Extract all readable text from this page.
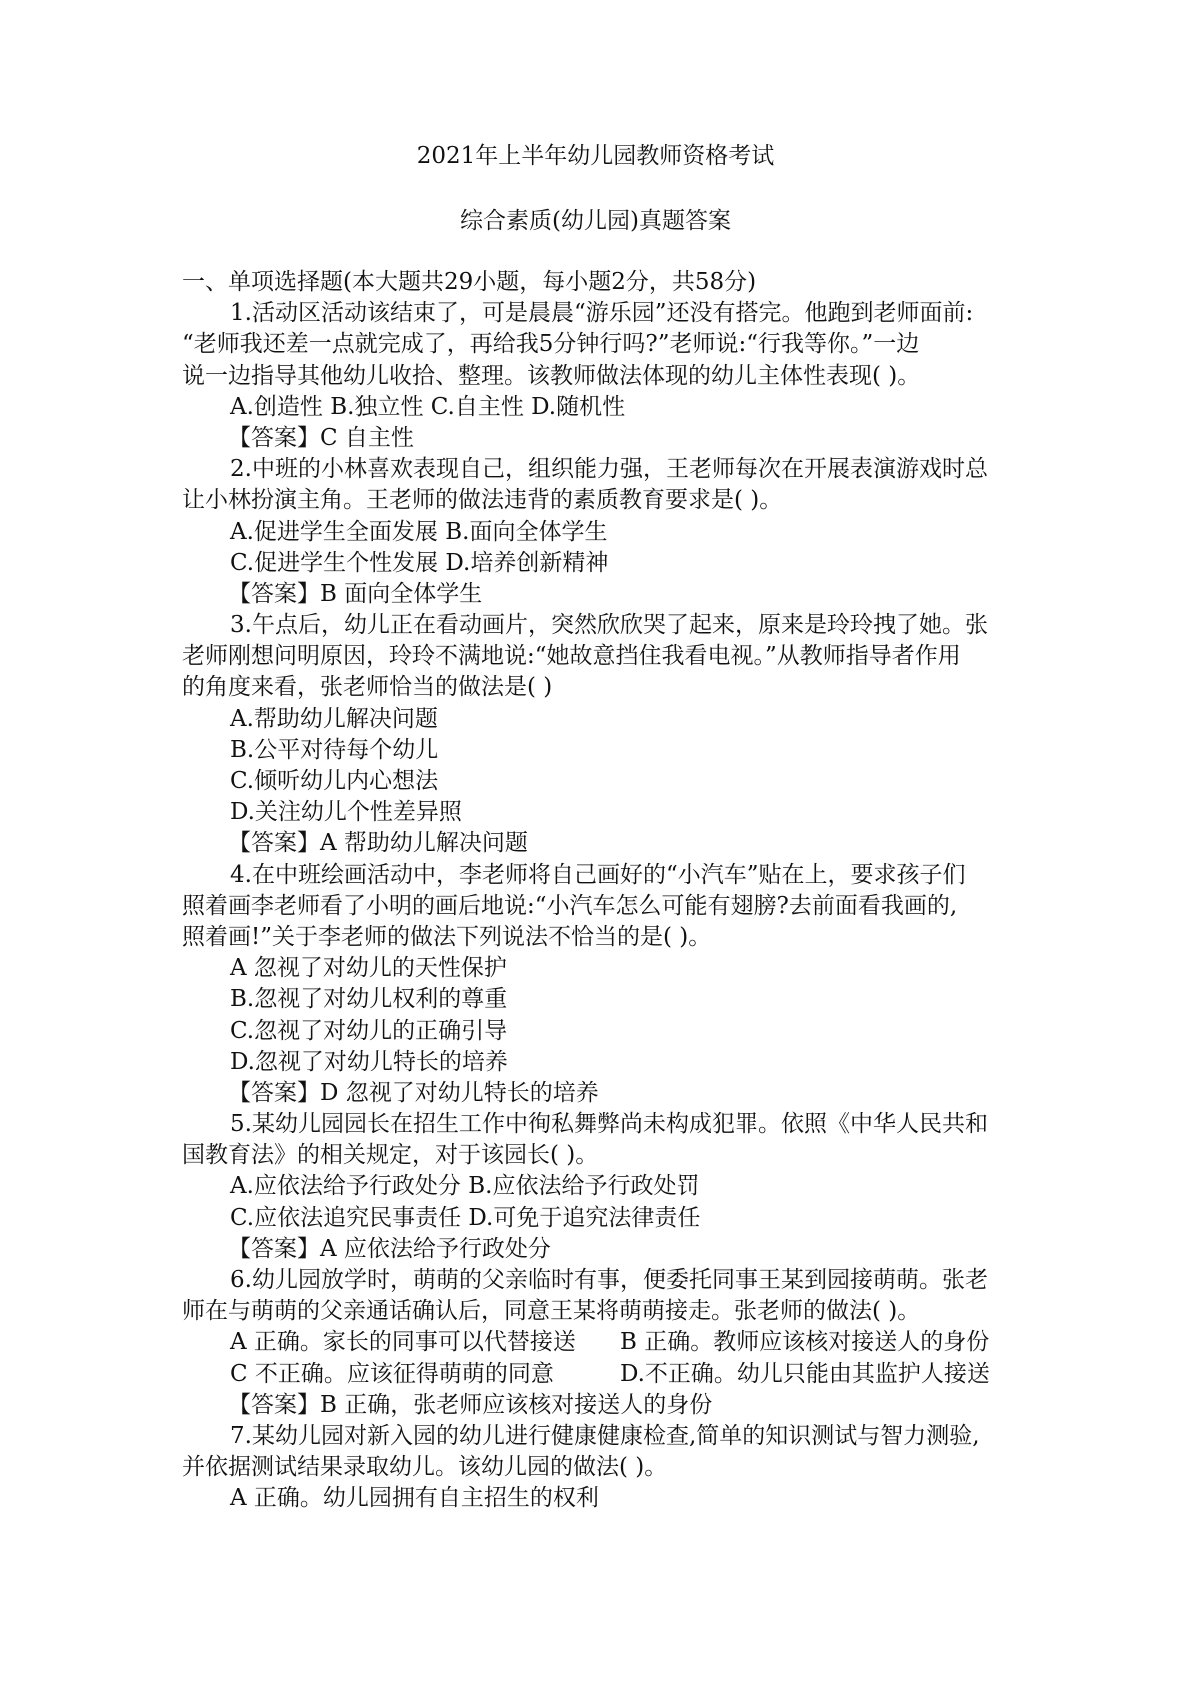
2021年上半年幼儿园教师资格考试
综合素质(幼儿园)真题答案
一、单项选择题(本大题共29小题，每小题2分，共58分)
1.活动区活动该结束了，可是晨晨“游乐园”还没有搭完。他跑到老师面前:
“老师我还差一点就完成了，再给我5分钟行吗?”老师说:“行我等你。”一边
说一边指导其他幼儿收拾、整理。该教师做法体现的幼儿主体性表现( )。
A.创造性 B.独立性 C.自主性 D.随机性
【答案】C 自主性
2.中班的小林喜欢表现自己，组织能力强，王老师每次在开展表演游戏时总
让小林扮演主角。王老师的做法违背的素质教育要求是( )。
A.促进学生全面发展 B.面向全体学生
C.促进学生个性发展 D.培养创新精神
【答案】B 面向全体学生
3.午点后，幼儿正在看动画片，突然欣欣哭了起来，原来是玲玲拽了她。张
老师刚想问明原因，玲玲不满地说:“她故意挡住我看电视。”从教师指导者作用
的角度来看，张老师恰当的做法是( )
A.帮助幼儿解决问题
B.公平对待每个幼儿
C.倾听幼儿内心想法
D.关注幼儿个性差异照
【答案】A 帮助幼儿解决问题
4.在中班绘画活动中，李老师将自己画好的“小汽车”贴在上，要求孩子们
照着画李老师看了小明的画后地说:“小汽车怎么可能有翅膀?去前面看我画的,
照着画!”关于李老师的做法下列说法不恰当的是( )。
A 忽视了对幼儿的天性保护
B.忽视了对幼儿权利的尊重
C.忽视了对幼儿的正确引导
D.忽视了对幼儿特长的培养
【答案】D 忽视了对幼儿特长的培养
5.某幼儿园园长在招生工作中徇私舞弊尚未构成犯罪。依照《中华人民共和
国教育法》的相关规定，对于该园长( )。
A.应依法给予行政处分 B.应依法给予行政处罚
C.应依法追究民事责任 D.可免于追究法律责任
【答案】A 应依法给予行政处分
6.幼儿园放学时，萌萌的父亲临时有事，便委托同事王某到园接萌萌。张老
师在与萌萌的父亲通话确认后，同意王某将萌萌接走。张老师的做法( )。
A 正确。家长的同事可以代替接送 B 正确。教师应该核对接送人的身份
C 不正确。应该征得萌萌的同意	D.不正确。幼儿只能由其监护人接送
【答案】B 正确，张老师应该核对接送人的身份
7.某幼儿园对新入园的幼儿进行健康健康检查,简单的知识测试与智力测验,
并依据测试结果录取幼儿。该幼儿园的做法( )。
A 正确。幼儿园拥有自主招生的权利
